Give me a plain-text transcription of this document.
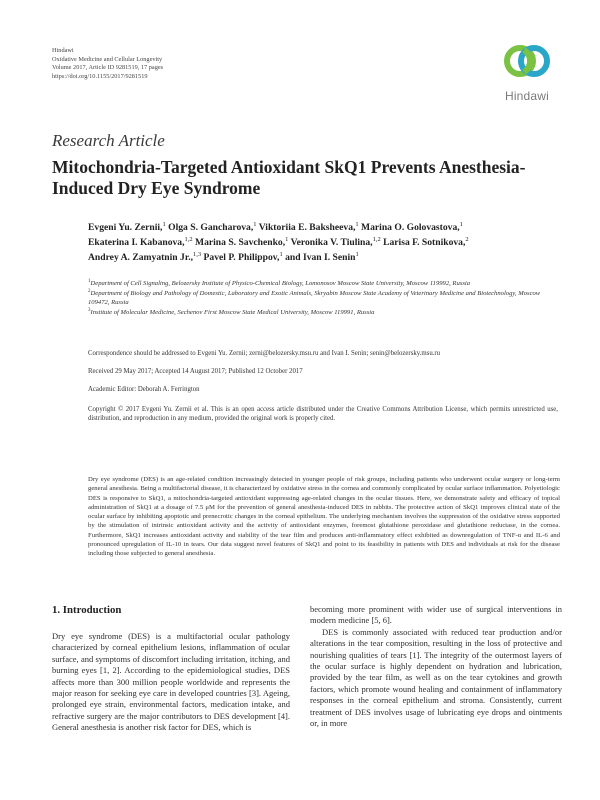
Hindawi
Oxidative Medicine and Cellular Longevity
Volume 2017, Article ID 9281519, 17 pages
https://doi.org/10.1155/2017/9281519
Hindawi
Research Article
Mitochondria-Targeted Antioxidant SkQ1 Prevents Anesthesia-Induced Dry Eye Syndrome
Evgeni Yu. Zernii,$^1$ Olga S. Gancharova,$^1$ Viktoriia E. Baksheeva,$^1$ Marina O. Golovastova,$^1$ Ekaterina I. Kabanova,$^{1,2}$ Marina S. Savchenko,$^1$ Veronika V. Tiulina,$^{1,2}$ Larisa F. Sotnikova,$^2$ Andrey A. Zamyatnin Jr.,$^{1,3}$ Pavel P. Philippov,$^1$ and Ivan I. Senin$^1$
$^1$Department of Cell Signaling, Belozersky Institute of Physico-Chemical Biology, Lomonosov Moscow State University, Moscow 119992, Russia
$^2$Department of Biology and Pathology of Domestic, Laboratory and Exotic Animals, Skryabin Moscow State Academy of Veterinary Medicine and Biotechnology, Moscow 109472, Russia
$^3$Institute of Molecular Medicine, Sechenov First Moscow State Medical University, Moscow 119991, Russia
Correspondence should be addressed to Evgeni Yu. Zernii; zerni@belozersky.msu.ru and Ivan I. Senin; senin@belozersky.msu.ru
Received 29 May 2017; Accepted 14 August 2017; Published 12 October 2017
Academic Editor: Deborah A. Ferrington
Copyright © 2017 Evgeni Yu. Zernii et al. This is an open access article distributed under the Creative Commons Attribution License, which permits unrestricted use, distribution, and reproduction in any medium, provided the original work is properly cited.
Dry eye syndrome (DES) is an age-related condition increasingly detected in younger people of risk groups, including patients who underwent ocular surgery or long-term general anesthesia. Being a multifactorial disease, it is characterized by oxidative stress in the cornea and commonly complicated by ocular surface inflammation. Polyetiologic DES is responsive to SkQ1, a mitochondria-targeted antioxidant suppressing age-related changes in the ocular tissues. Here, we demonstrate safety and efficacy of topical administration of SkQ1 at a dosage of 7.5 μM for the prevention of general anesthesia-induced DES in rabbits. The protective action of SkQ1 improves clinical state of the ocular surface by inhibiting apoptotic and prenecrotic changes in the corneal epithelium. The underlying mechanism involves the suppression of the oxidative stress supported by the stimulation of intrinsic antioxidant activity and the activity of antioxidant enzymes, foremost glutathione peroxidase and glutathione reductase, in the cornea. Furthermore, SkQ1 increases antioxidant activity and stability of the tear film and produces anti-inflammatory effect exhibited as downregulation of TNF-α and IL-6 and pronounced upregulation of IL-10 in tears. Our data suggest novel features of SkQ1 and point to its feasibility in patients with DES and individuals at risk for the disease including those subjected to general anesthesia.
1. Introduction

Dry eye syndrome (DES) is a multifactorial ocular pathology characterized by corneal epithelium lesions, inflammation of ocular surface, and symptoms of discomfort including irritation, itching, and burning eyes [1, 2]. According to the epidemiological studies, DES affects more than 300 million people worldwide and represents the major reason for seeking eye care in developed countries [3]. Ageing, prolonged eye strain, environmental factors, medication intake, and refractive surgery are the major contributors to DES development [4]. General anesthesia is another risk factor for DES, which is

becoming more prominent with wider use of surgical interventions in modern medicine [5, 6].

DES is commonly associated with reduced tear production and/or alterations in the tear composition, resulting in the loss of protective and nourishing qualities of tears [1]. The integrity of the outermost layers of the ocular surface is highly dependent on hydration and lubrication, provided by the tear film, as well as on the tear cytokines and growth factors, which promote wound healing and containment of inflammatory responses in the corneal epithelium and stroma. Consistently, current treatment of DES involves usage of lubricating eye drops and ointments or, in more
